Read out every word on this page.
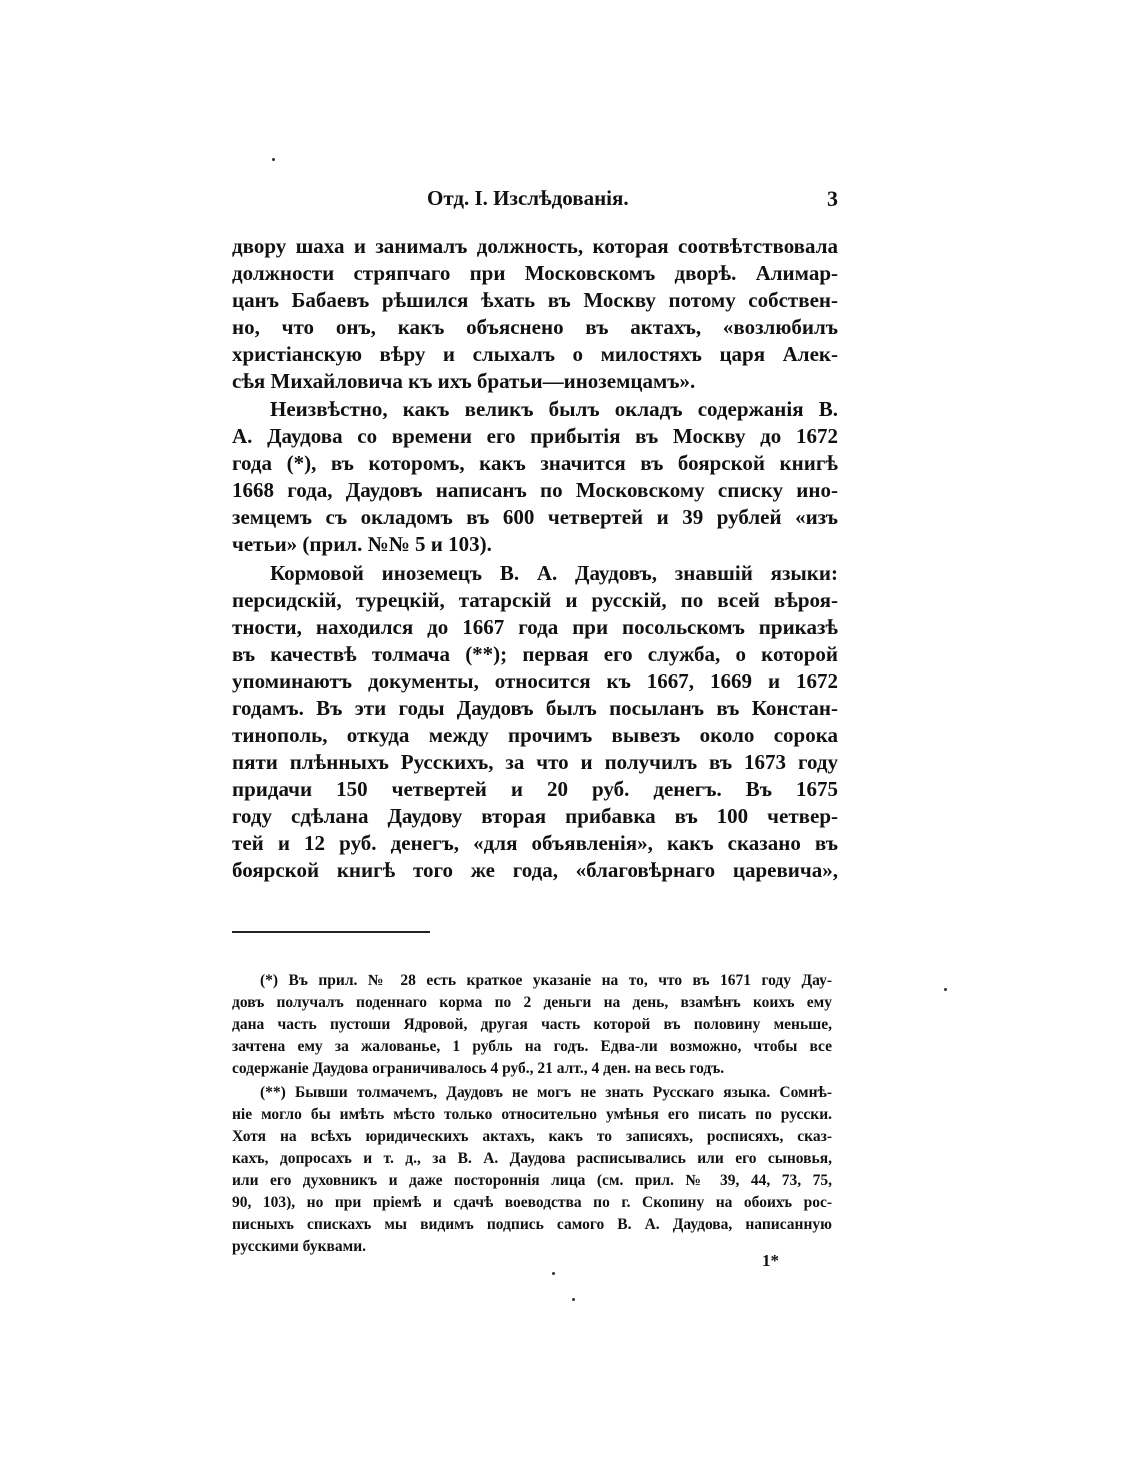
Отд. I. Изслѣдованія.	3
двору шаха и занималъ должность, которая соотвѣтствовала
должности стряпчаго при Московскомъ дворѣ. Алимар-
цанъ Бабаевъ рѣшился ѣхать въ Москву потому собствен-
но, что онъ, какъ объяснено въ актахъ, «возлюбилъ
христіанскую вѣру и слыхалъ о милостяхъ царя Алек-
сѣя Михайловича къ ихъ братьи—иноземцамъ».
Неизвѣстно, какъ великъ былъ окладъ содержанія В.
А. Даудова со времени его прибытія въ Москву до 1672
года (*), въ которомъ, какъ значится въ боярской книгѣ
1668 года, Даудовъ написанъ по Московскому списку ино-
земцемъ съ окладомъ въ 600 четвертей и 39 рублей «изъ
четьи» (прил. №№ 5 и 103).
Кормовой иноземецъ В. А. Даудовъ, знавшій языки:
персидскій, турецкій, татарскій и русскій, по всей вѣроя-
тности, находился до 1667 года при посольскомъ приказѣ
въ качествѣ толмача (**); первая его служба, о которой
упоминаютъ документы, относится къ 1667, 1669 и 1672
годамъ. Въ эти годы Даудовъ былъ посыланъ въ Констан-
тинополь, откуда между прочимъ вывезъ около сорока
пяти плѣнныхъ Русскихъ, за что и получилъ въ 1673 году
придачи 150 четвертей и 20 руб. денегъ. Въ 1675
году сдѣлана Даудову вторая прибавка въ 100 четвер-
тей и 12 руб. денегъ, «для объявленія», какъ сказано въ
боярской книгѣ того же года, «благовѣрнаго царевича»,
(*) Въ прил. № 28 есть краткое указаніе на то, что въ 1671 году Дау-
довъ получалъ поденнаго корма по 2 деньги на день, взамѣнъ коихъ ему
дана часть пустоши Ядровой, другая часть которой въ половину меньше,
зачтена ему за жалованье, 1 рубль на годъ. Едва-ли возможно, чтобы все
содержаніе Даудова ограничивалось 4 руб., 21 алт., 4 ден. на весь годъ.
(**) Бывши толмачемъ, Даудовъ не могъ не знать Русскаго языка. Сомнѣ-
ніе могло бы имѣть мѣсто только относительно умѣнья его писать по русски.
Хотя на всѣхъ юридическихъ актахъ, какъ то записяхъ, росписяхъ, сказ-
кахъ, допросахъ и т. д., за В. А. Даудова расписывались или его сыновья,
или его духовникъ и даже постороннія лица (см. прил. № 39, 44, 73, 75,
90, 103), но при пріемѣ и сдачѣ воеводства по г. Скопину на обоихъ рос-
писныхъ спискахъ мы видимъ подпись самого В. А. Даудова, написанную
русскими буквами.
1*
